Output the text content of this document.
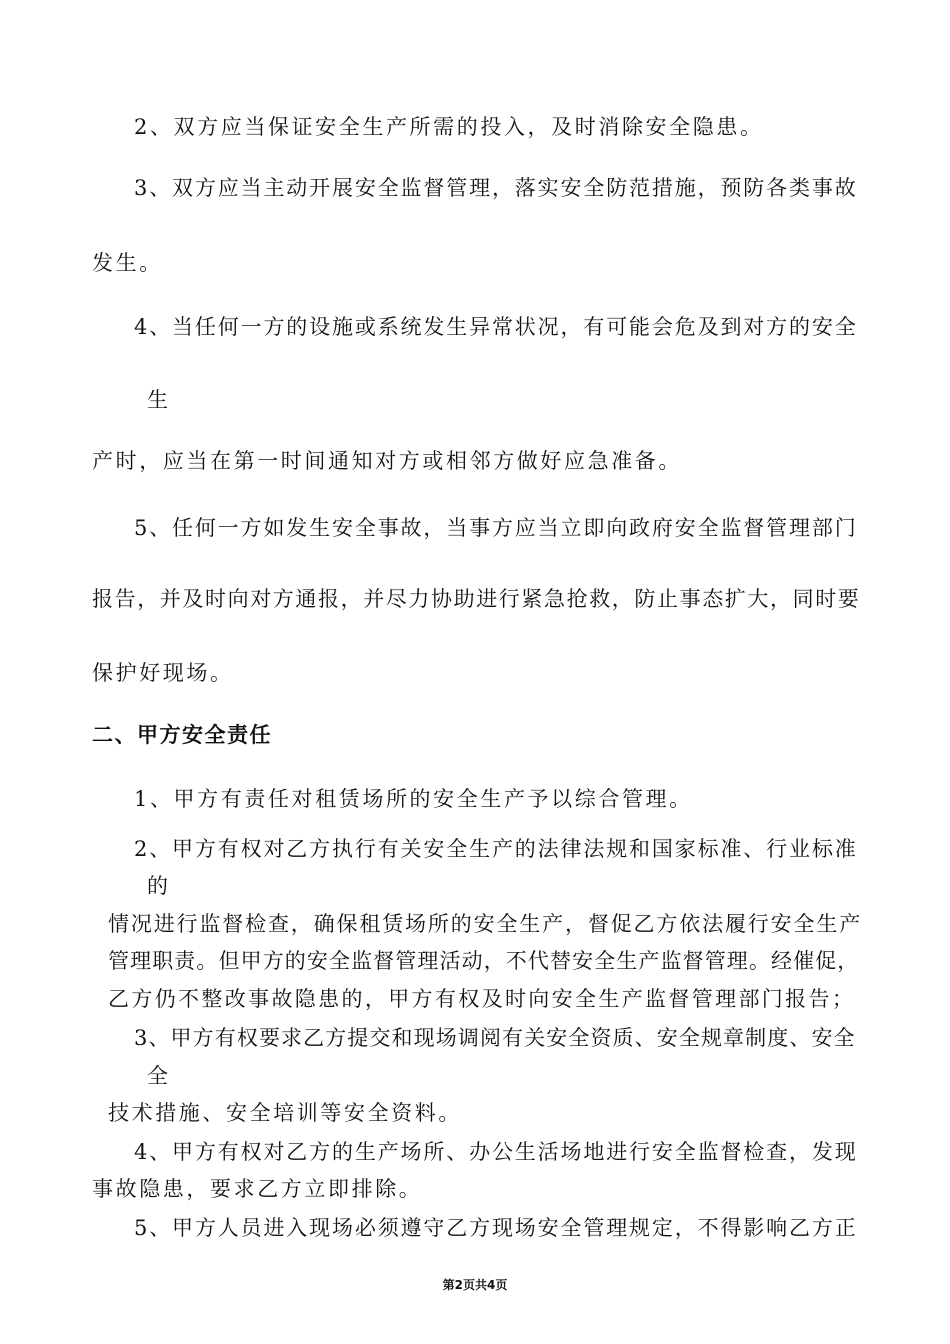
2、双方应当保证安全生产所需的投入，及时消除安全隐患。
3、双方应当主动开展安全监督管理，落实安全防范措施，预防各类事故
发生。
4、当任何一方的设施或系统发生异常状况，有可能会危及到对方的安全
生
产时，应当在第一时间通知对方或相邻方做好应急准备。
5、任何一方如发生安全事故，当事方应当立即向政府安全监督管理部门
报告，并及时向对方通报，并尽力协助进行紧急抢救，防止事态扩大，同时要
保护好现场。
二、甲方安全责任
1、甲方有责任对租赁场所的安全生产予以综合管理。
2、甲方有权对乙方执行有关安全生产的法律法规和国家标准、行业标准
的
情况进行监督检查，确保租赁场所的安全生产，督促乙方依法履行安全生产
管理职责。但甲方的安全监督管理活动，不代替安全生产监督管理。经催促，
乙方仍不整改事故隐患的，甲方有权及时向安全生产监督管理部门报告；
3、甲方有权要求乙方提交和现场调阅有关安全资质、安全规章制度、安全
全
技术措施、安全培训等安全资料。
4、甲方有权对乙方的生产场所、办公生活场地进行安全监督检查，发现
事故隐患，要求乙方立即排除。
5、甲方人员进入现场必须遵守乙方现场安全管理规定，不得影响乙方正
第2页共4页
